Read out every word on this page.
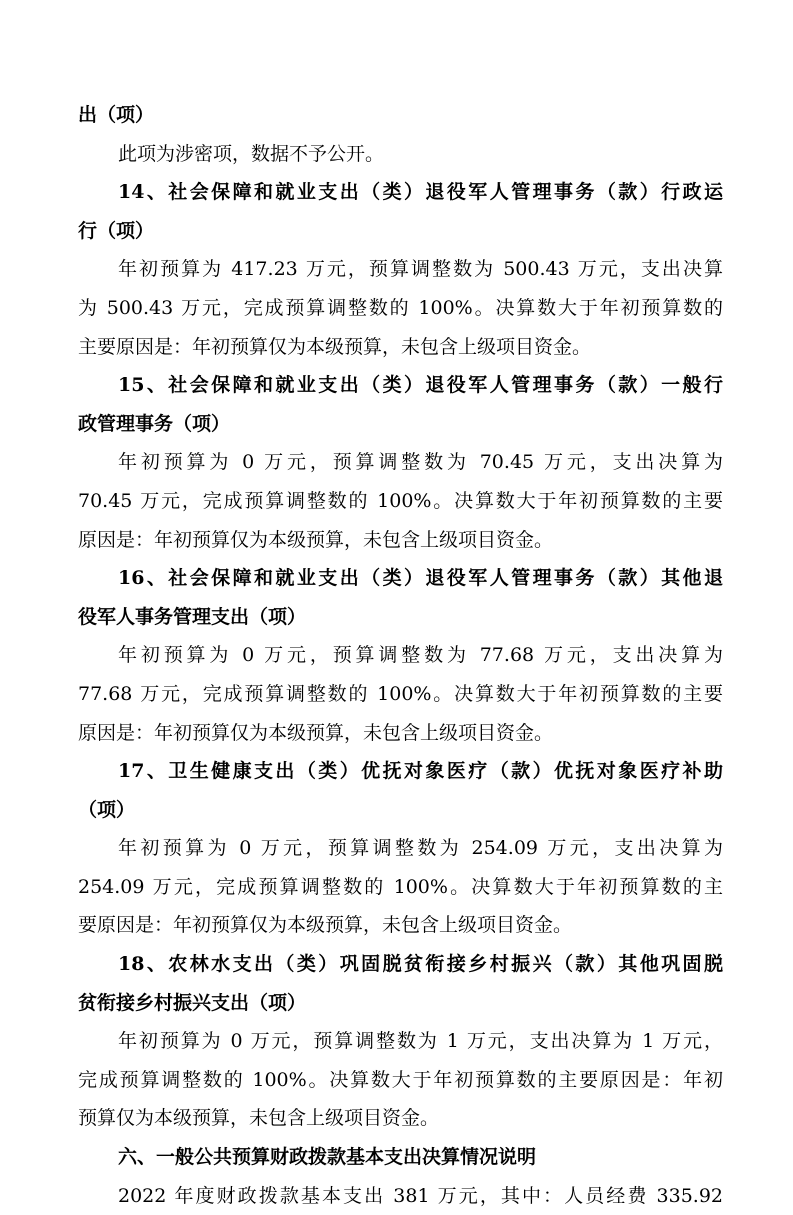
出（项）
此项为涉密项，数据不予公开。
14、社会保障和就业支出（类）退役军人管理事务（款）行政运
行（项）
年初预算为 417.23 万元，预算调整数为 500.43 万元，支出决算
为 500.43 万元，完成预算调整数的 100%。决算数大于年初预算数的
主要原因是：年初预算仅为本级预算，未包含上级项目资金。
15、社会保障和就业支出（类）退役军人管理事务（款）一般行
政管理事务（项）
年初预算为 0 万元，预算调整数为 70.45 万元，支出决算为
70.45 万元，完成预算调整数的 100%。决算数大于年初预算数的主要
原因是：年初预算仅为本级预算，未包含上级项目资金。
16、社会保障和就业支出（类）退役军人管理事务（款）其他退
役军人事务管理支出（项）
年初预算为 0 万元，预算调整数为 77.68 万元，支出决算为
77.68 万元，完成预算调整数的 100%。决算数大于年初预算数的主要
原因是：年初预算仅为本级预算，未包含上级项目资金。
17、卫生健康支出（类）优抚对象医疗（款）优抚对象医疗补助
（项）
年初预算为 0 万元，预算调整数为 254.09 万元，支出决算为
254.09 万元，完成预算调整数的 100%。决算数大于年初预算数的主
要原因是：年初预算仅为本级预算，未包含上级项目资金。
18、农林水支出（类）巩固脱贫衔接乡村振兴（款）其他巩固脱
贫衔接乡村振兴支出（项）
年初预算为 0 万元，预算调整数为 1 万元，支出决算为 1 万元，
完成预算调整数的 100%。决算数大于年初预算数的主要原因是：年初
预算仅为本级预算，未包含上级项目资金。
六、一般公共预算财政拨款基本支出决算情况说明
2022 年度财政拨款基本支出 381 万元，其中：人员经费 335.92
